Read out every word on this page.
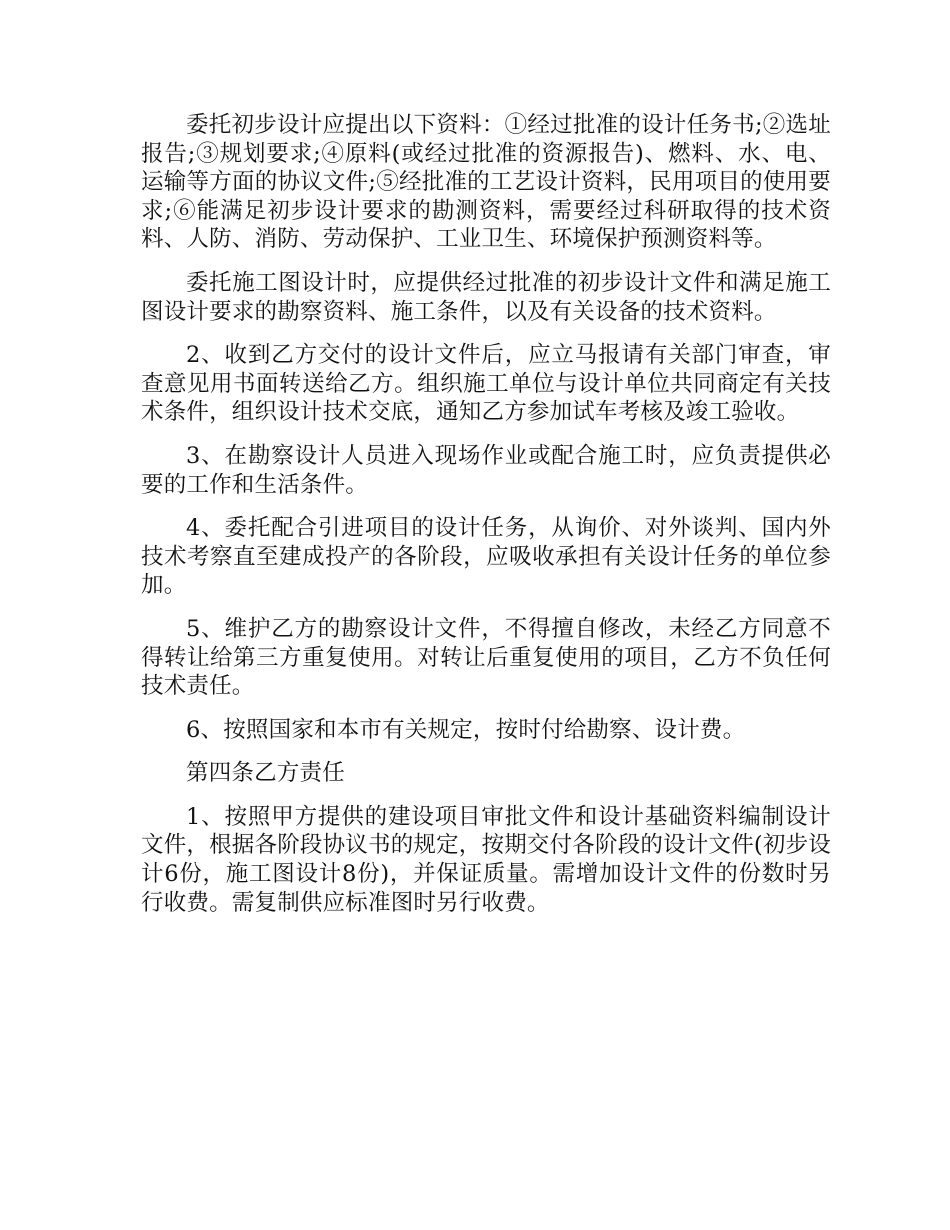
委托初步设计应提出以下资料：①经过批准的设计任务书;②选址报告;③规划要求;④原料(或经过批准的资源报告)、燃料、水、电、运输等方面的协议文件;⑤经批准的工艺设计资料，民用项目的使用要求;⑥能满足初步设计要求的勘测资料，需要经过科研取得的技术资料、人防、消防、劳动保护、工业卫生、环境保护预测资料等。

委托施工图设计时，应提供经过批准的初步设计文件和满足施工图设计要求的勘察资料、施工条件，以及有关设备的技术资料。

2、收到乙方交付的设计文件后，应立马报请有关部门审查，审查意见用书面转送给乙方。组织施工单位与设计单位共同商定有关技术条件，组织设计技术交底，通知乙方参加试车考核及竣工验收。

3、在勘察设计人员进入现场作业或配合施工时，应负责提供必要的工作和生活条件。

4、委托配合引进项目的设计任务，从询价、对外谈判、国内外技术考察直至建成投产的各阶段，应吸收承担有关设计任务的单位参加。

5、维护乙方的勘察设计文件，不得擅自修改，未经乙方同意不得转让给第三方重复使用。对转让后重复使用的项目，乙方不负任何技术责任。

6、按照国家和本市有关规定，按时付给勘察、设计费。

第四条乙方责任

1、按照甲方提供的建设项目审批文件和设计基础资料编制设计文件，根据各阶段协议书的规定，按期交付各阶段的设计文件(初步设计6份，施工图设计8份)，并保证质量。需增加设计文件的份数时另行收费。需复制供应标准图时另行收费。
